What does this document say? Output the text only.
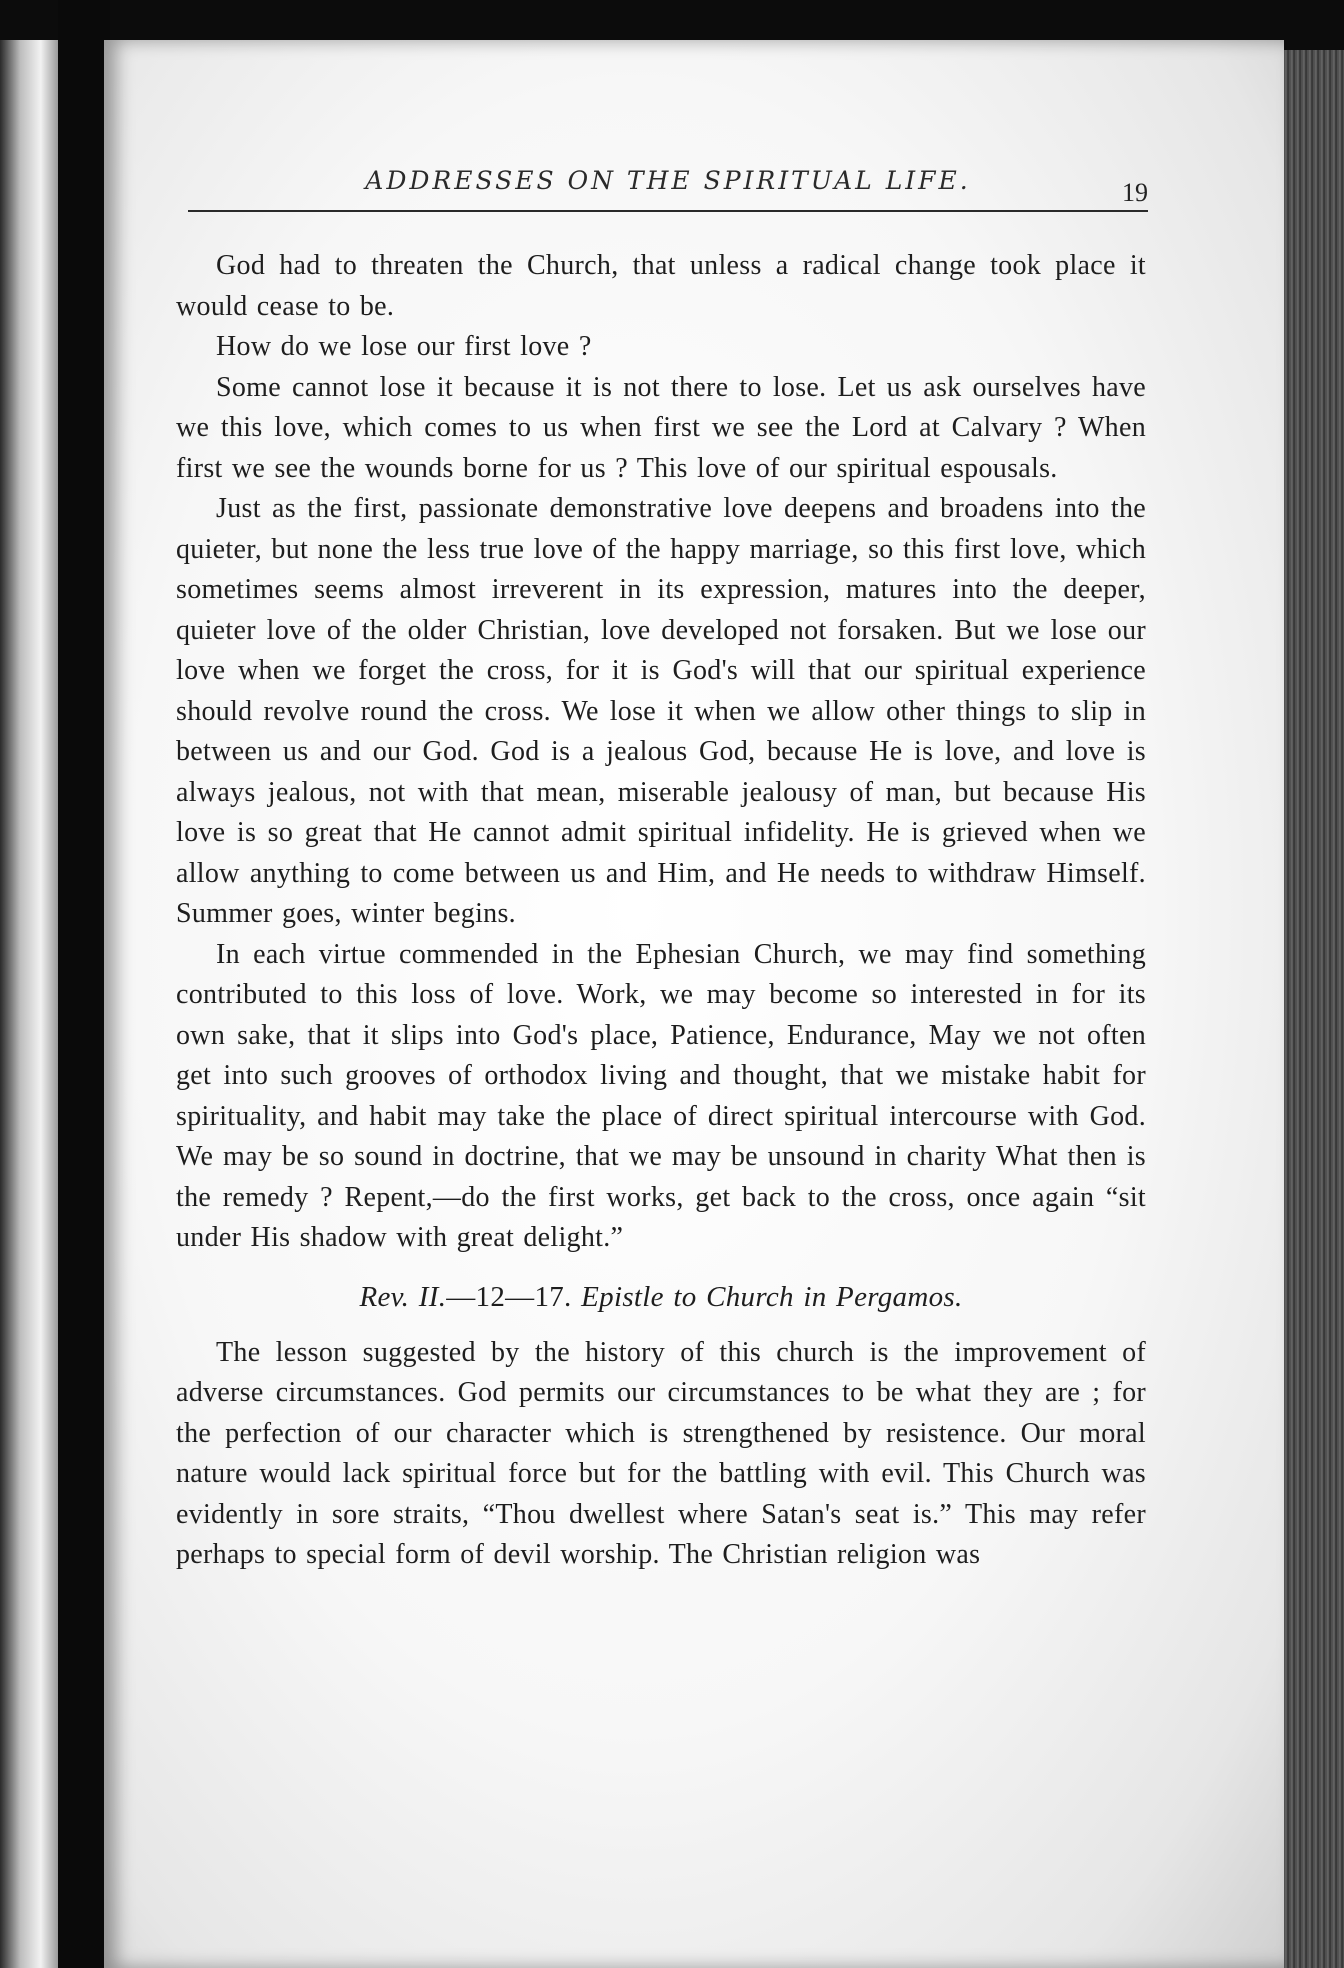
ADDRESSES ON THE SPIRITUAL LIFE.	19

God had to threaten the Church, that unless a radical change took place it would cease to be.

How do we lose our first love ?

Some cannot lose it because it is not there to lose. Let us ask ourselves have we this love, which comes to us when first we see the Lord at Calvary ? When first we see the wounds borne for us ? This love of our spiritual espousals.

Just as the first, passionate demonstrative love deepens and broadens into the quieter, but none the less true love of the happy marriage, so this first love, which sometimes seems almost irreverent in its expression, matures into the deeper, quieter love of the older Christian, love developed not forsaken. But we lose our love when we forget the cross, for it is God's will that our spiritual experience should revolve round the cross. We lose it when we allow other things to slip in between us and our God. God is a jealous God, because He is love, and love is always jealous, not with that mean, miserable jealousy of man, but because His love is so great that He cannot admit spiritual infidelity. He is grieved when we allow anything to come between us and Him, and He needs to withdraw Himself. Summer goes, winter begins.

In each virtue commended in the Ephesian Church, we may find something contributed to this loss of love. Work, we may become so interested in for its own sake, that it slips into God's place, Patience, Endurance, May we not often get into such grooves of orthodox living and thought, that we mistake habit for spirituality, and habit may take the place of direct spiritual intercourse with God. We may be so sound in doctrine, that we may be unsound in charity What then is the remedy ? Repent,—do the first works, get back to the cross, once again “sit under His shadow with great delight.”

Rev. II.—12—17. Epistle to Church in Pergamos.

The lesson suggested by the history of this church is the improvement of adverse circumstances. God permits our circumstances to be what they are ; for the perfection of our character which is strengthened by resistence. Our moral nature would lack spiritual force but for the battling with evil. This Church was evidently in sore straits, “Thou dwellest where Satan's seat is.” This may refer perhaps to special form of devil worship. The Christian religion was
